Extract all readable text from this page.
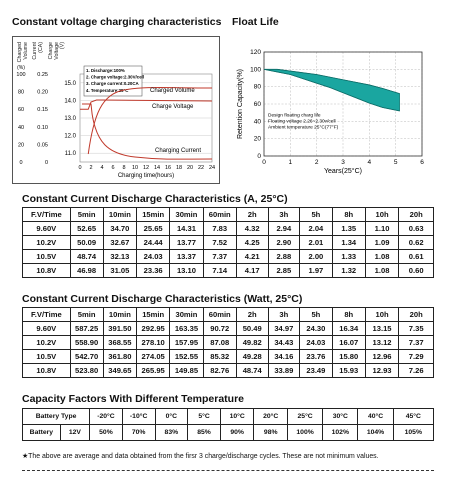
Constant voltage charging characteristics Float Life
ChargedVolume Current(CA) ChargeVoltage(V)
0
20
40
60
80
100
(%)
0
0.05
0.10
0.15
0.20
0.25
11.0
12.0
13.0
14.0
15.0
0 2 4 6 8 10 12 14 16 18 20 22 24
Charging time(hours)
1. Discharge:100%
2. Charge voltage:2.30V/cell
3. Charge current:0.20CA
4. Temperature:25°C	Charged Volume
Charge Voltage
Charging Current
0
20
40
60
80
100
120
0	1	2	3	4	5	6
Years(25°C)
Retention Capacity(%)	Design floating charg life
Floating voltage 2.26~2.30v/cell
Ambient temperature 25°C(77°F)
Constant Current Discharge Characteristics (A, 25°C)
F.V/Time	5min	10min	15min	30min	60min	2h	3h	5h	8h	10h	20h
9.60V	52.65	34.70	25.65	14.31	7.83	4.32	2.94	2.04	1.35	1.10	0.63
10.2V	50.09	32.67	24.44	13.77	7.52	4.25	2.90	2.01	1.34	1.09	0.62
10.5V	48.74	32.13	24.03	13.37	7.37	4.21	2.88	2.00	1.33	1.08	0.61
10.8V	46.98	31.05	23.36	13.10	7.14	4.17	2.85	1.97	1.32	1.08	0.60
Constant Current Discharge Characteristics (Watt, 25°C)
F.V/Time	5min	10min	15min	30min	60min	2h	3h	5h	8h	10h	20h
9.60V	587.25	391.50	292.95	163.35	90.72	50.49	34.97	24.30	16.34	13.15	7.35
10.2V	558.90	368.55	278.10	157.95	87.08	49.82	34.43	24.03	16.07	13.12	7.37
10.5V	542.70	361.80	274.05	152.55	85.32	49.28	34.16	23.76	15.80	12.96	7.29
10.8V	523.80	349.65	265.95	149.85	82.76	48.74	33.89	23.49	15.93	12.93	7.26
Capacity Factors With Different Temperature
Battery Type		-20°C	-10°C	0°C	5°C	10°C	20°C	25°C	30°C	40°C	45°C
Battery	12V	50%	70%	83%	85%	90%	98%	100%	102%	104%	105%
★The above are average and data obtained from the firsr 3 charge/discharge cycles. These are not minimum values.
